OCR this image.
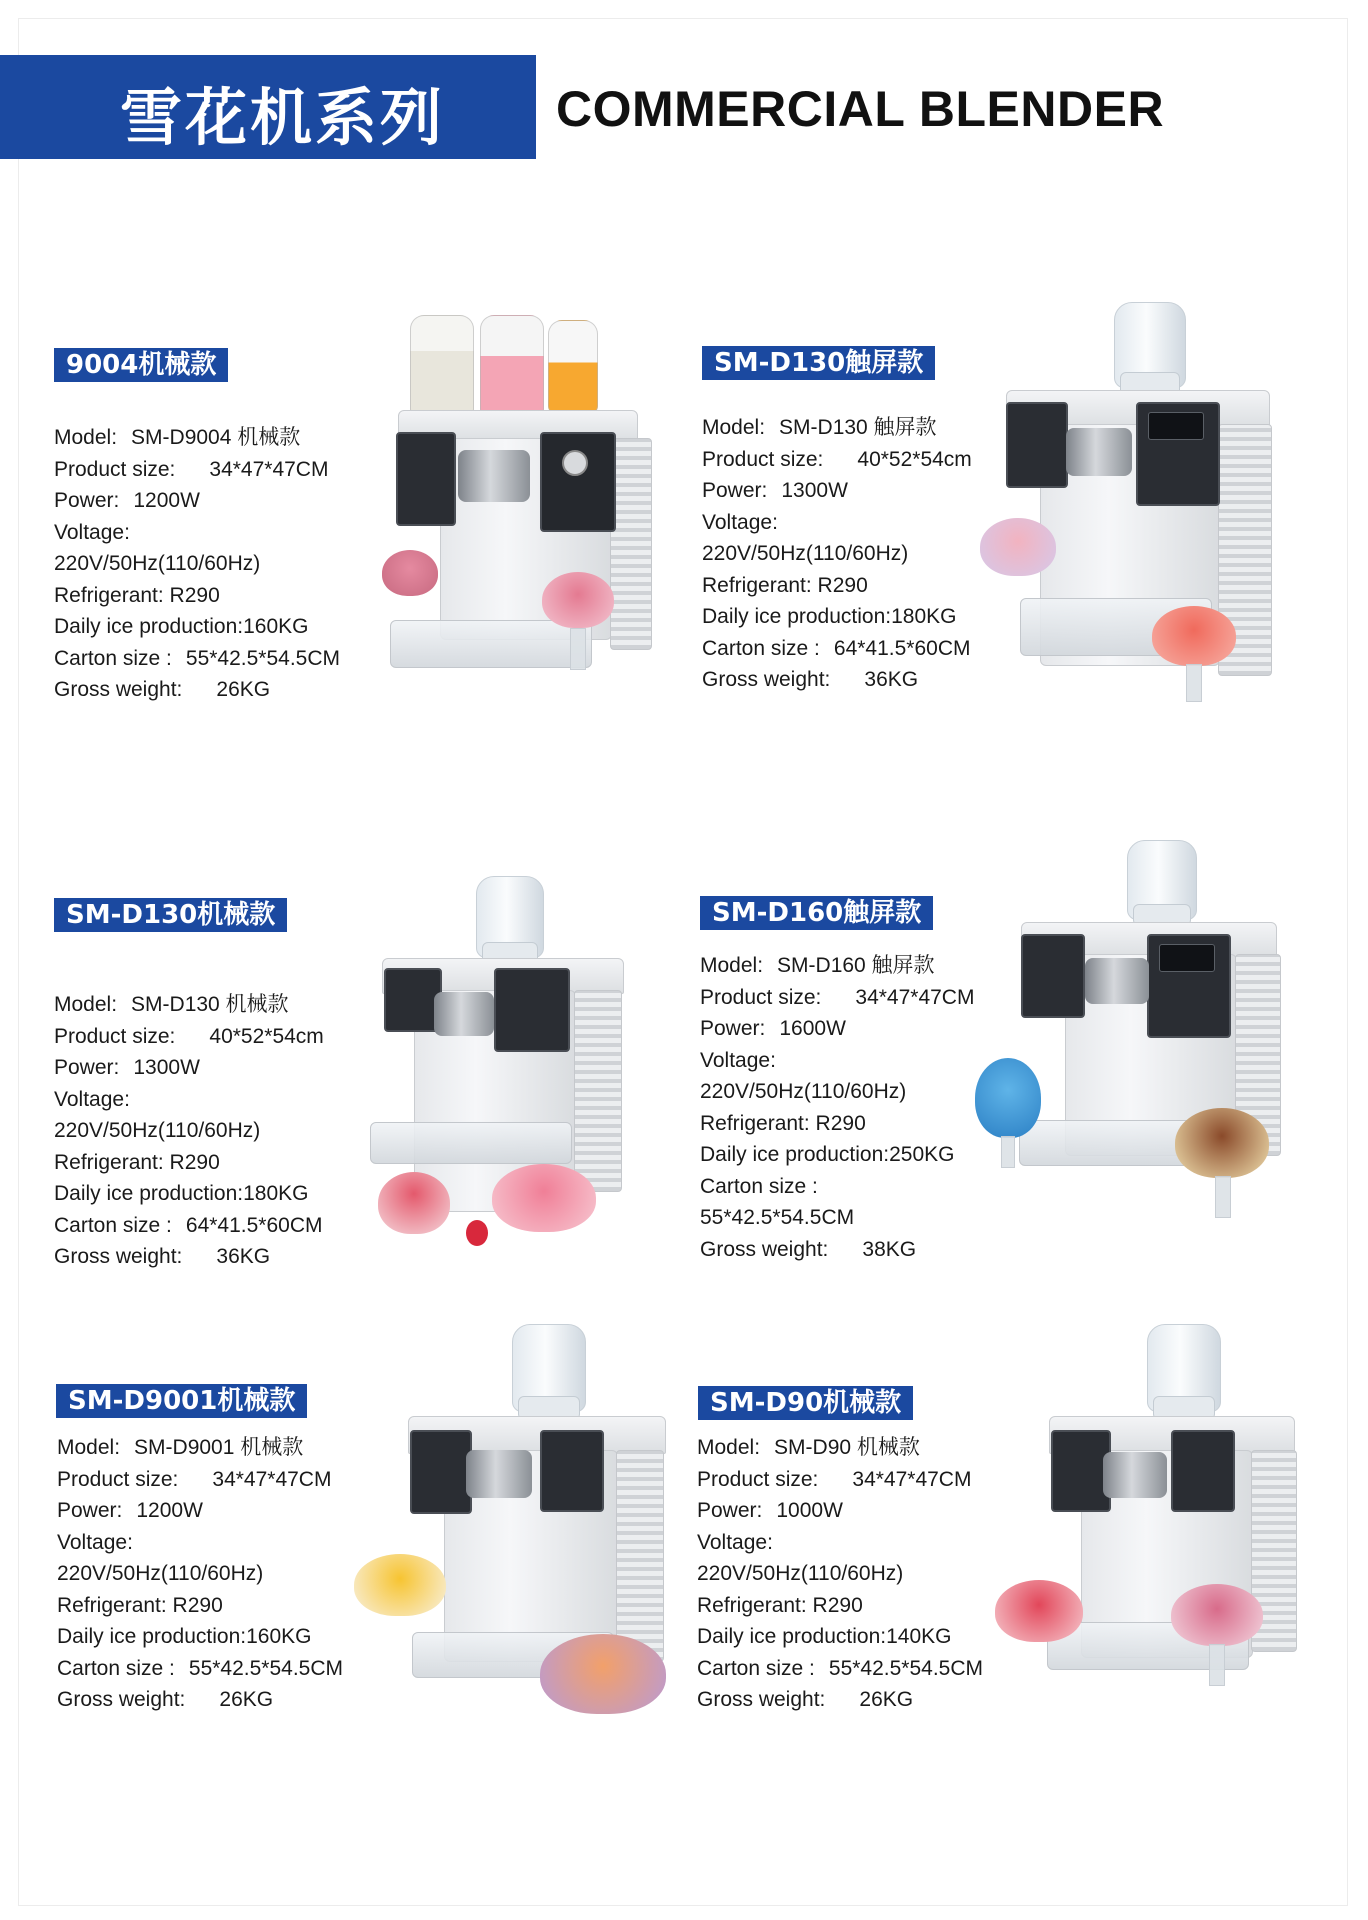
雪花机系列 COMMERCIAL BLENDER
9004机械款
Model: SM-D9004 机械款
Product size: 34*47*47CM
Power: 1200W
Voltage:
220V/50Hz(110/60Hz)
Refrigerant: R290
Daily ice production:160KG
Carton size : 55*42.5*54.5CM
Gross weight: 26KG
SM-D130触屏款
Model: SM-D130 触屏款
Product size: 40*52*54cm
Power: 1300W
Voltage:
220V/50Hz(110/60Hz)
Refrigerant: R290
Daily ice production:180KG
Carton size : 64*41.5*60CM
Gross weight: 36KG
SM-D130机械款
Model: SM-D130 机械款
Product size: 40*52*54cm
Power: 1300W
Voltage:
220V/50Hz(110/60Hz)
Refrigerant: R290
Daily ice production:180KG
Carton size : 64*41.5*60CM
Gross weight: 36KG
SM-D160触屏款
Model: SM-D160 触屏款
Product size: 34*47*47CM
Power: 1600W
Voltage:
220V/50Hz(110/60Hz)
Refrigerant: R290
Daily ice production:250KG
Carton size :
55*42.5*54.5CM
Gross weight: 38KG
SM-D9001机械款
Model: SM-D9001 机械款
Product size: 34*47*47CM
Power: 1200W
Voltage:
220V/50Hz(110/60Hz)
Refrigerant: R290
Daily ice production:160KG
Carton size : 55*42.5*54.5CM
Gross weight: 26KG
SM-D90机械款
Model: SM-D90 机械款
Product size: 34*47*47CM
Power: 1000W
Voltage:
220V/50Hz(110/60Hz)
Refrigerant: R290
Daily ice production:140KG
Carton size : 55*42.5*54.5CM
Gross weight: 26KG
